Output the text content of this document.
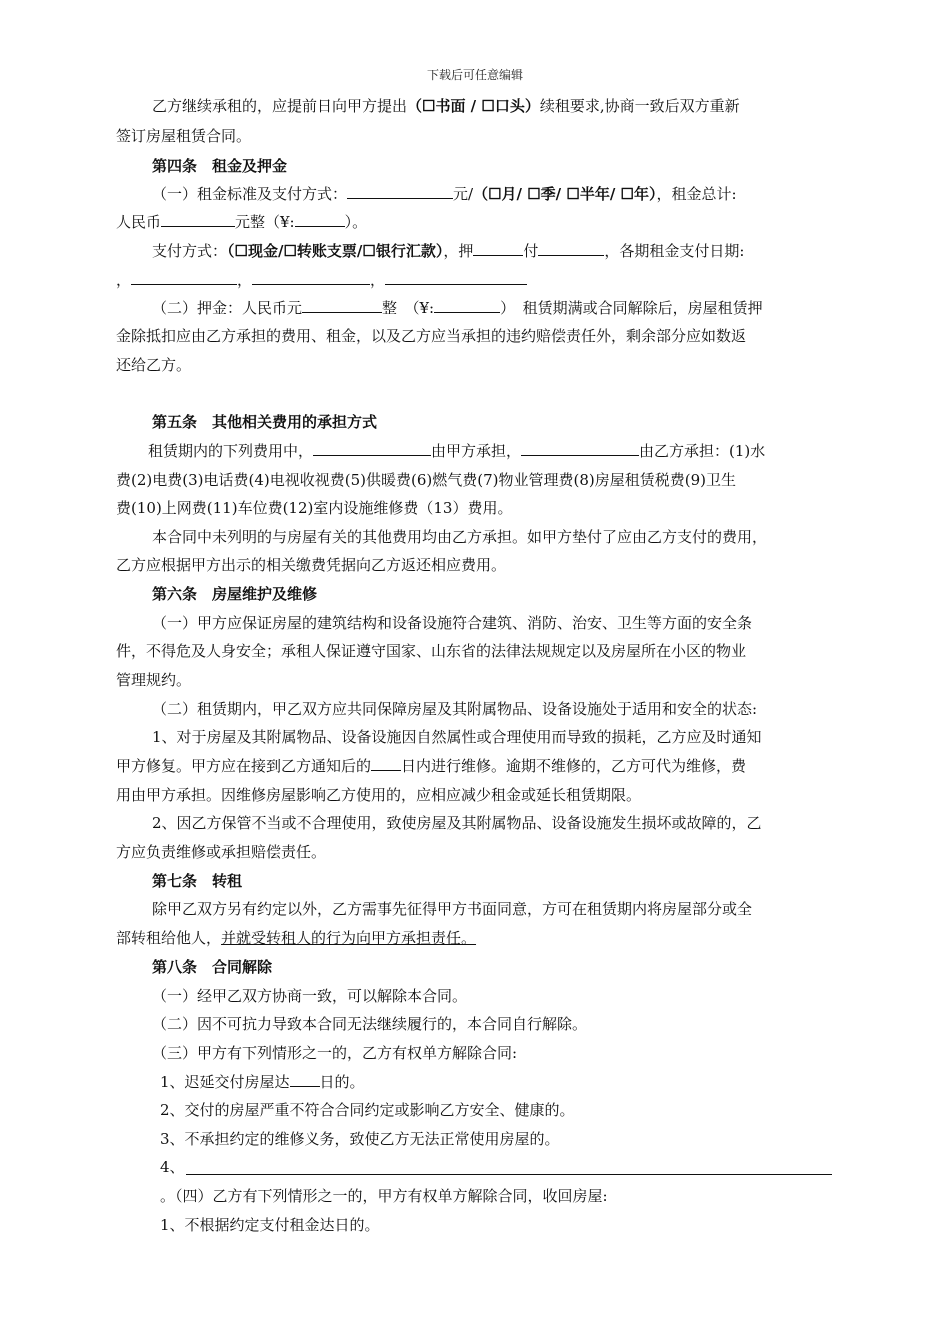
下载后可任意编辑
乙方继续承租的，应提前日向甲方提出（☐书面 / ☐口头）续租要求,协商一致后双方重新
签订房屋租赁合同。
第四条　租金及押金
（一）租金标准及支付方式：	元/（☐月/ ☐季/ ☐半年/ ☐年），租金总计:
人民币	元整（¥:	）。
支付方式：（☐现金/☐转账支票/☐银行汇款），押	付	，各期租金支付日期:
，	，	，
（二）押金：人民币元	整　（¥:	）　租赁期满或合同解除后，房屋租赁押
金除抵扣应由乙方承担的费用、租金，以及乙方应当承担的违约赔偿责任外，剩余部分应如数返
还给乙方。
第五条　其他相关费用的承担方式
租赁期内的下列费用中，	由甲方承担，	由乙方承担：(1)水
费(2)电费(3)电话费(4)电视收视费(5)供暖费(6)燃气费(7)物业管理费(8)房屋租赁税费(9)卫生
费(10)上网费(11)车位费(12)室内设施维修费（13）费用。
本合同中未列明的与房屋有关的其他费用均由乙方承担。如甲方垫付了应由乙方支付的费用，
乙方应根据甲方出示的相关缴费凭据向乙方返还相应费用。
第六条　房屋维护及维修
（一）甲方应保证房屋的建筑结构和设备设施符合建筑、消防、治安、卫生等方面的安全条
件，不得危及人身安全；承租人保证遵守国家、山东省的法律法规规定以及房屋所在小区的物业
管理规约。
（二）租赁期内，甲乙双方应共同保障房屋及其附属物品、设备设施处于适用和安全的状态:
1、对于房屋及其附属物品、设备设施因自然属性或合理使用而导致的损耗，乙方应及时通知
甲方修复。甲方应在接到乙方通知后的 日内进行维修。逾期不维修的，乙方可代为维修，费
用由甲方承担。因维修房屋影响乙方使用的，应相应减少租金或延长租赁期限。
2、因乙方保管不当或不合理使用，致使房屋及其附属物品、设备设施发生损坏或故障的，乙
方应负责维修或承担赔偿责任。
第七条　转租
除甲乙双方另有约定以外，乙方需事先征得甲方书面同意，方可在租赁期内将房屋部分或全
部转租给他人，并就受转租人的行为向甲方承担责任。
第八条　合同解除
（一）经甲乙双方协商一致，可以解除本合同。
（二）因不可抗力导致本合同无法继续履行的，本合同自行解除。
（三）甲方有下列情形之一的，乙方有权单方解除合同:
1、迟延交付房屋达 日的。
2、交付的房屋严重不符合合同约定或影响乙方安全、健康的。
3、不承担约定的维修义务，致使乙方无法正常使用房屋的。
4、
。（四）乙方有下列情形之一的，甲方有权单方解除合同，收回房屋:
1、不根据约定支付租金达日的。
